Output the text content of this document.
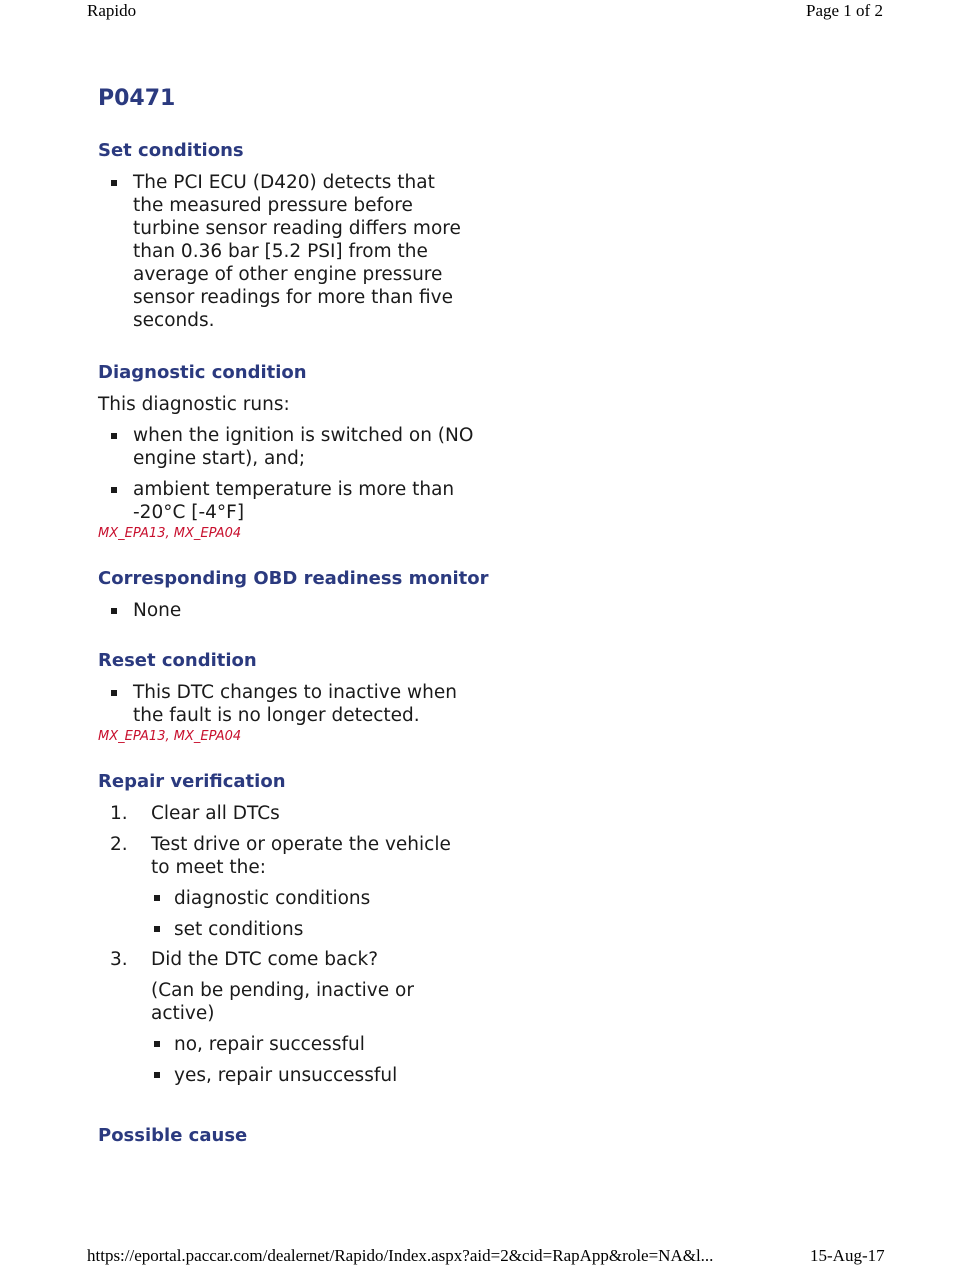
Rapido	Page 1 of 2
P0471
Set conditions
The PCI ECU (D420) detects that
the measured pressure before
turbine sensor reading differs more
than 0.36 bar [5.2 PSI] from the
average of other engine pressure
sensor readings for more than five
seconds.
Diagnostic condition
This diagnostic runs:
when the ignition is switched on (NO
engine start), and;
ambient temperature is more than
-20°C [-4°F]
MX_EPA13, MX_EPA04
Corresponding OBD readiness monitor
None
Reset condition
This DTC changes to inactive when
the fault is no longer detected.
MX_EPA13, MX_EPA04
Repair verification
1. Clear all DTCs
2. Test drive or operate the vehicle
to meet the:
diagnostic conditions
set conditions
3. Did the DTC come back?
(Can be pending, inactive or
active)
no, repair successful
yes, repair unsuccessful
Possible cause
https://eportal.paccar.com/dealernet/Rapido/Index.aspx?aid=2&cid=RapApp&role=NA&l...	15-Aug-17
